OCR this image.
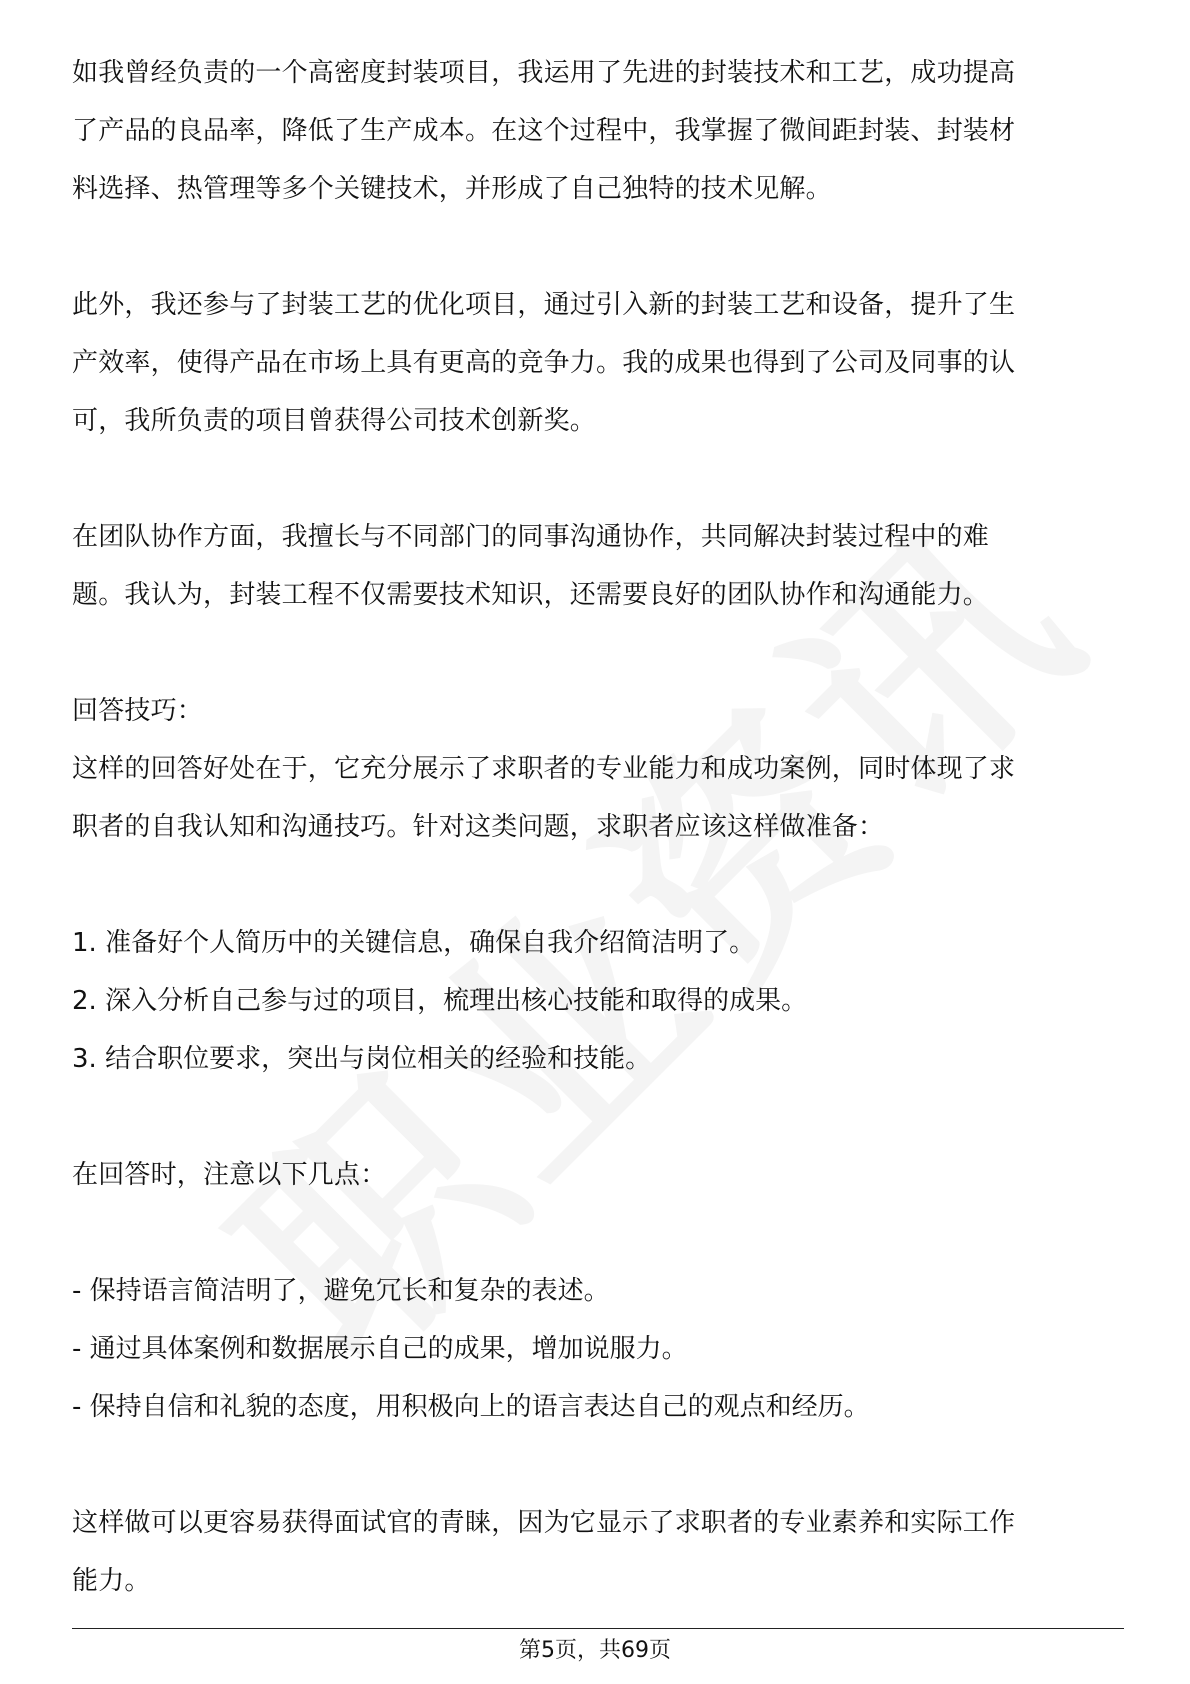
如我曾经负责的一个高密度封装项目，我运用了先进的封装技术和工艺，成功提高

了产品的良品率，降低了生产成本。在这个过程中，我掌握了微间距封装、封装材

料选择、热管理等多个关键技术，并形成了自己独特的技术见解。

此外，我还参与了封装工艺的优化项目，通过引入新的封装工艺和设备，提升了生

产效率，使得产品在市场上具有更高的竞争力。我的成果也得到了公司及同事的认

可，我所负责的项目曾获得公司技术创新奖。

在团队协作方面，我擅长与不同部门的同事沟通协作，共同解决封装过程中的难

题。我认为，封装工程不仅需要技术知识，还需要良好的团队协作和沟通能力。

回答技巧：

这样的回答好处在于，它充分展示了求职者的专业能力和成功案例，同时体现了求

职者的自我认知和沟通技巧。针对这类问题，求职者应该这样做准备：

1. 准备好个人简历中的关键信息，确保自我介绍简洁明了。

2. 深入分析自己参与过的项目，梳理出核心技能和取得的成果。

3. 结合职位要求，突出与岗位相关的经验和技能。

在回答时，注意以下几点：

- 保持语言简洁明了，避免冗长和复杂的表述。

- 通过具体案例和数据展示自己的成果，增加说服力。

- 保持自信和礼貌的态度，用积极向上的语言表达自己的观点和经历。

这样做可以更容易获得面试官的青睐，因为它显示了求职者的专业素养和实际工作

能力。

第5页，共69页
